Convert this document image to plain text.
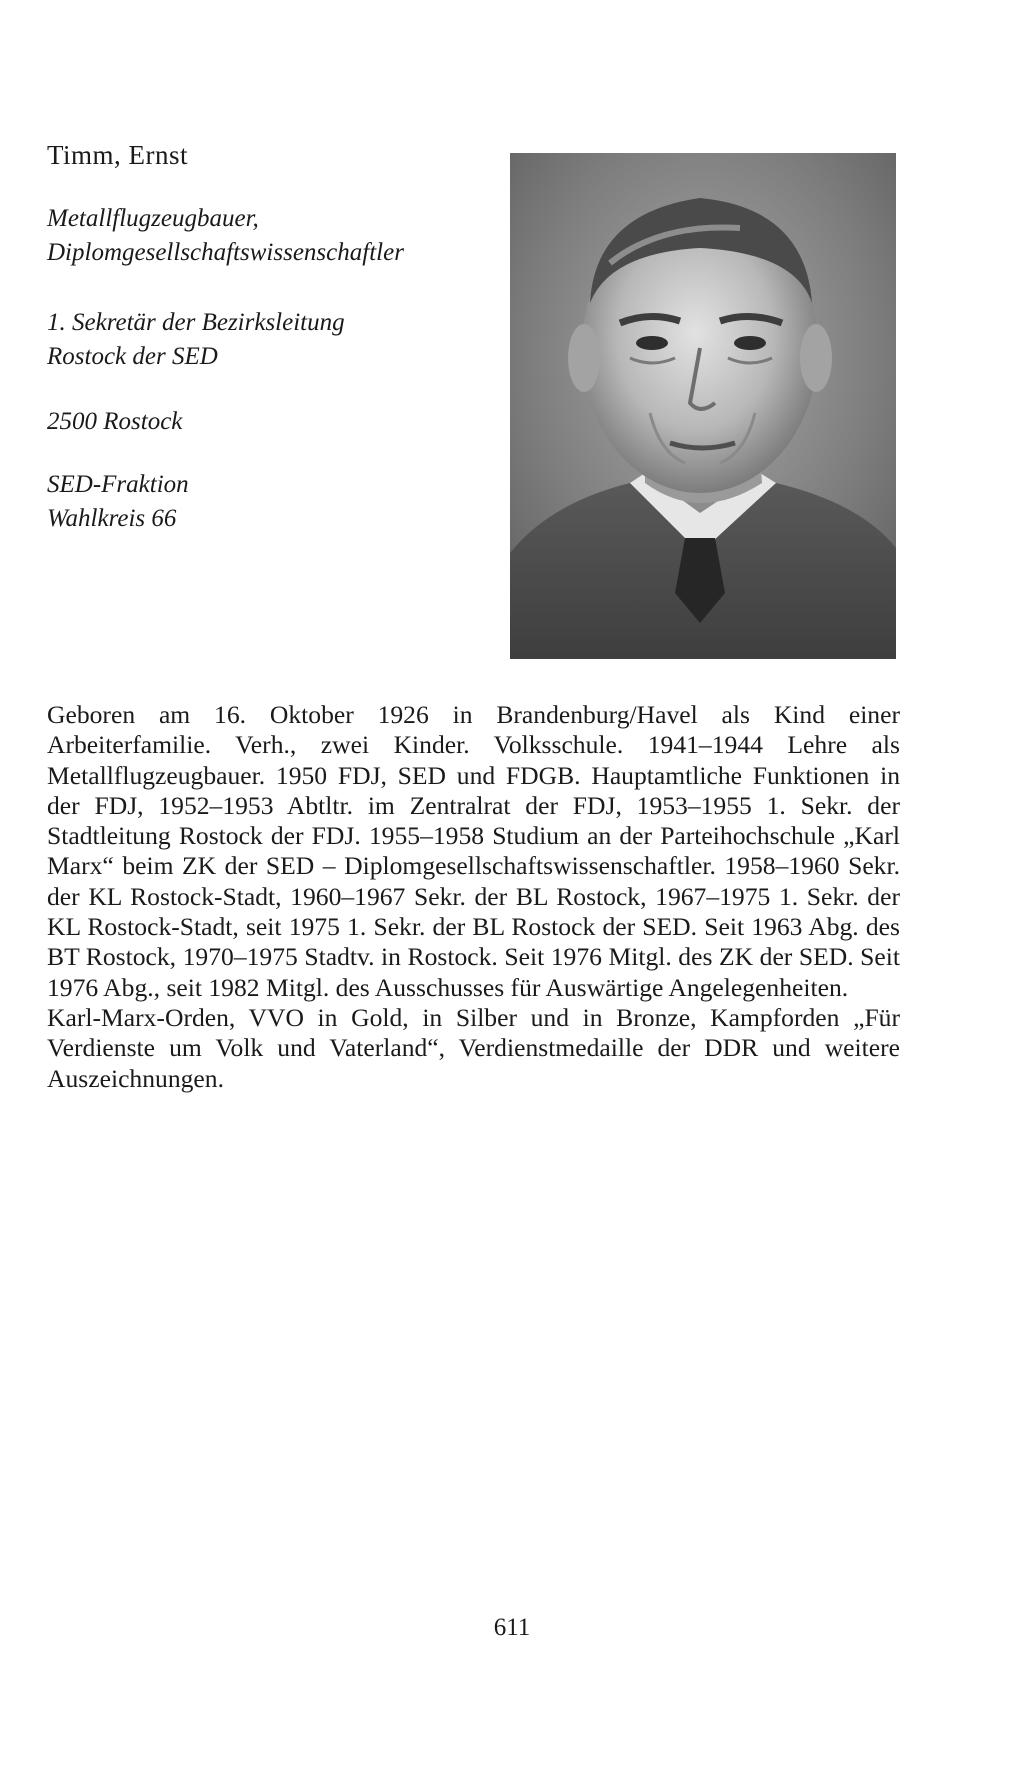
Timm, Ernst
Metallflugzeugbauer,
Diplomgesellschaftswissenschaftler
1. Sekretär der Bezirksleitung
Rostock der SED
2500 Rostock
SED-Fraktion
Wahlkreis 66

Geboren am 16. Oktober 1926 in Brandenburg/Havel als Kind einer Arbeiterfamilie. Verh., zwei Kinder. Volksschule. 1941–1944 Lehre als Metallflugzeugbauer. 1950 FDJ, SED und FDGB. Hauptamtliche Funktionen in der FDJ, 1952–1953 Abtltr. im Zentralrat der FDJ, 1953–1955 1. Sekr. der Stadtleitung Rostock der FDJ. 1955–1958 Studium an der Parteihochschule „Karl Marx“ beim ZK der SED – Diplomgesellschaftswissenschaftler. 1958–1960 Sekr. der KL Rostock-Stadt, 1960–1967 Sekr. der BL Rostock, 1967–1975 1. Sekr. der KL Rostock-Stadt, seit 1975 1. Sekr. der BL Rostock der SED. Seit 1963 Abg. des BT Rostock, 1970–1975 Stadtv. in Rostock. Seit 1976 Mitgl. des ZK der SED. Seit 1976 Abg., seit 1982 Mitgl. des Ausschusses für Auswärtige Angelegenheiten.

Karl-Marx-Orden, VVO in Gold, in Silber und in Bronze, Kampforden „Für Verdienste um Volk und Vaterland“, Verdienstmedaille der DDR und weitere Auszeichnungen.

611
